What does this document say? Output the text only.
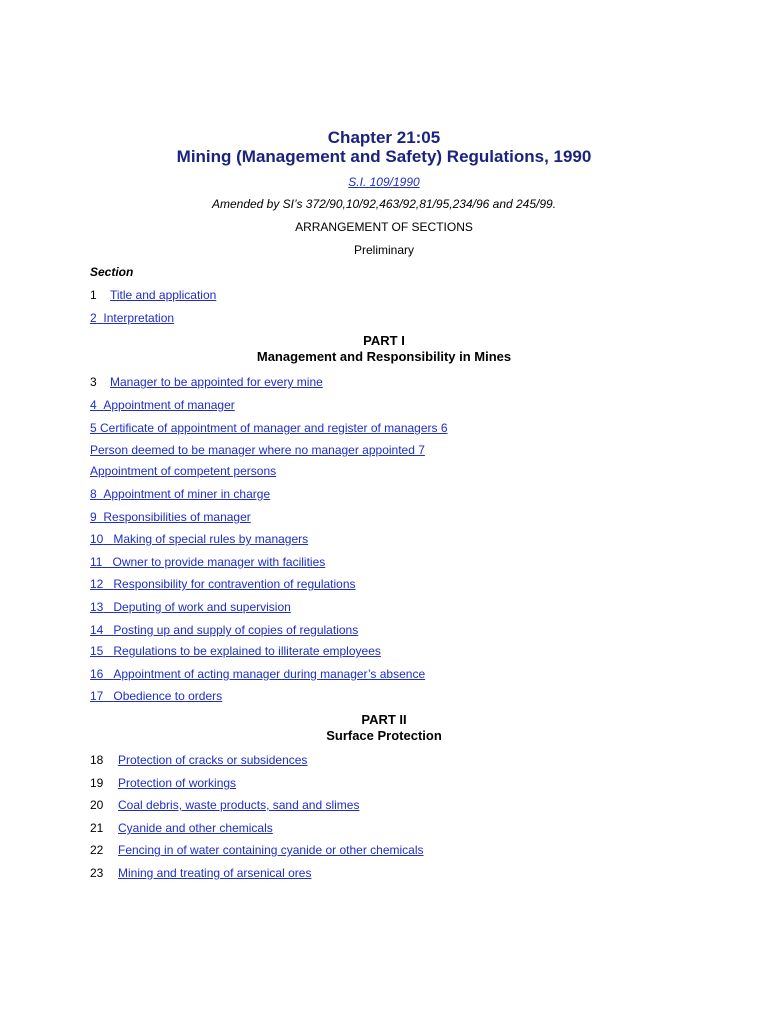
Chapter 21:05
Mining (Management and Safety) Regulations, 1990
S.I. 109/1990
Amended by SI’s 372/90,10/92,463/92,81/95,234/96 and 245/99.
ARRANGEMENT OF SECTIONS
Preliminary
Section
1 Title and application
2 Interpretation
PART I
Management and Responsibility in Mines
3 Manager to be appointed for every mine
4 Appointment of manager
5 Certificate of appointment of manager and register of managers 6
Person deemed to be manager where no manager appointed 7
Appointment of competent persons
8 Appointment of miner in charge
9 Responsibilities of manager
10 Making of special rules by managers
11 Owner to provide manager with facilities
12 Responsibility for contravention of regulations
13 Deputing of work and supervision
14 Posting up and supply of copies of regulations
15 Regulations to be explained to illiterate employees
16 Appointment of acting manager during manager’s absence
17 Obedience to orders
PART II
Surface Protection
18 Protection of cracks or subsidences
19 Protection of workings
20 Coal debris, waste products, sand and slimes
21 Cyanide and other chemicals
22 Fencing in of water containing cyanide or other chemicals
23 Mining and treating of arsenical ores
